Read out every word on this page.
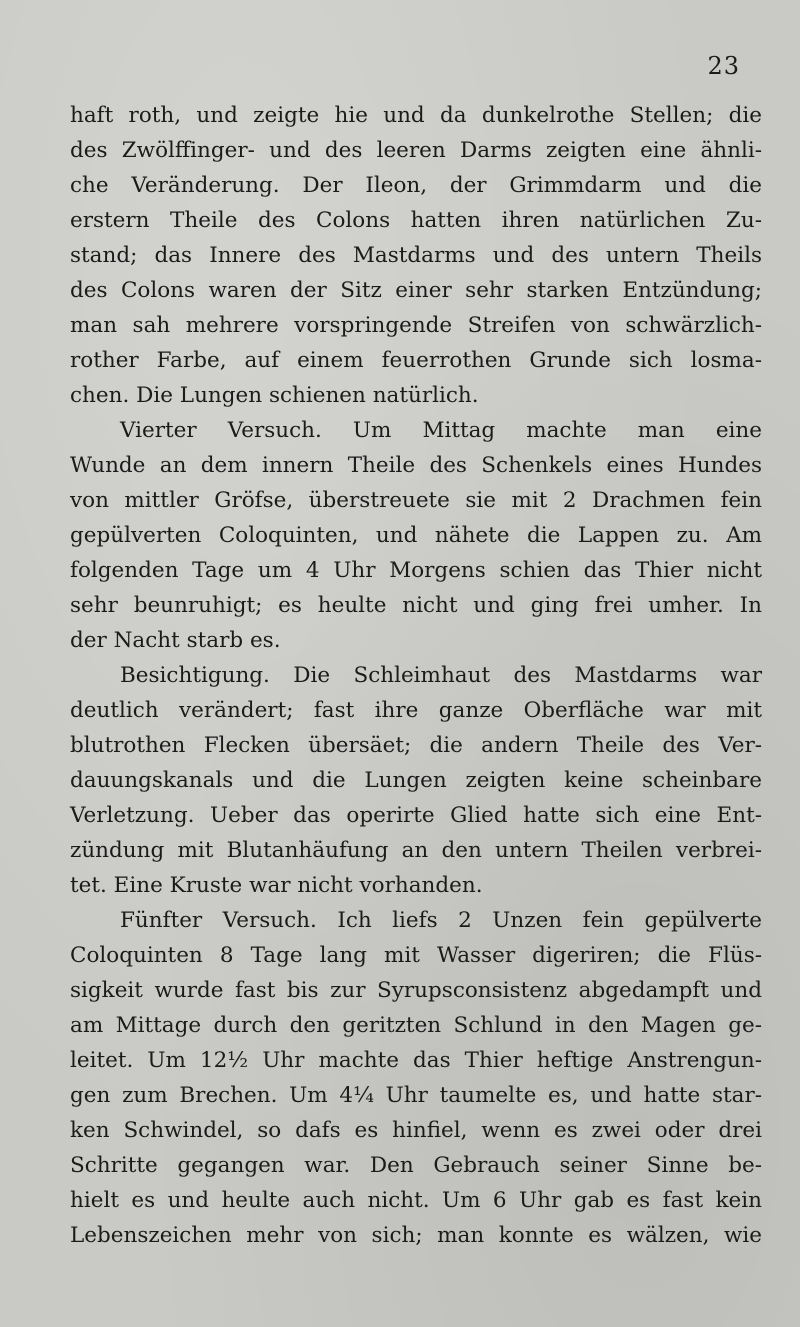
23
haft roth, und zeigte hie und da dunkelrothe Stellen; die
des Zwölffinger- und des leeren Darms zeigten eine ähnli-
che Veränderung. Der Ileon, der Grimmdarm und die
erstern Theile des Colons hatten ihren natürlichen Zu-
stand; das Innere des Mastdarms und des untern Theils
des Colons waren der Sitz einer sehr starken Entzündung;
man sah mehrere vorspringende Streifen von schwärzlich-
rother Farbe, auf einem feuerrothen Grunde sich losma-
chen. Die Lungen schienen natürlich.
Vierter Versuch. Um Mittag machte man eine
Wunde an dem innern Theile des Schenkels eines Hundes
von mittler Gröfse, überstreuete sie mit 2 Drachmen fein
gepülverten Coloquinten, und nähete die Lappen zu. Am
folgenden Tage um 4 Uhr Morgens schien das Thier nicht
sehr beunruhigt; es heulte nicht und ging frei umher. In
der Nacht starb es.
Besichtigung. Die Schleimhaut des Mastdarms war
deutlich verändert; fast ihre ganze Oberfläche war mit
blutrothen Flecken übersäet; die andern Theile des Ver-
dauungskanals und die Lungen zeigten keine scheinbare
Verletzung. Ueber das operirte Glied hatte sich eine Ent-
zündung mit Blutanhäufung an den untern Theilen verbrei-
tet. Eine Kruste war nicht vorhanden.
Fünfter Versuch. Ich liefs 2 Unzen fein gepülverte
Coloquinten 8 Tage lang mit Wasser digeriren; die Flüs-
sigkeit wurde fast bis zur Syrupsconsistenz abgedampft und
am Mittage durch den geritzten Schlund in den Magen ge-
leitet. Um 12½ Uhr machte das Thier heftige Anstrengun-
gen zum Brechen. Um 4¼ Uhr taumelte es, und hatte star-
ken Schwindel, so dafs es hinfiel, wenn es zwei oder drei
Schritte gegangen war. Den Gebrauch seiner Sinne be-
hielt es und heulte auch nicht. Um 6 Uhr gab es fast kein
Lebenszeichen mehr von sich; man konnte es wälzen, wie
